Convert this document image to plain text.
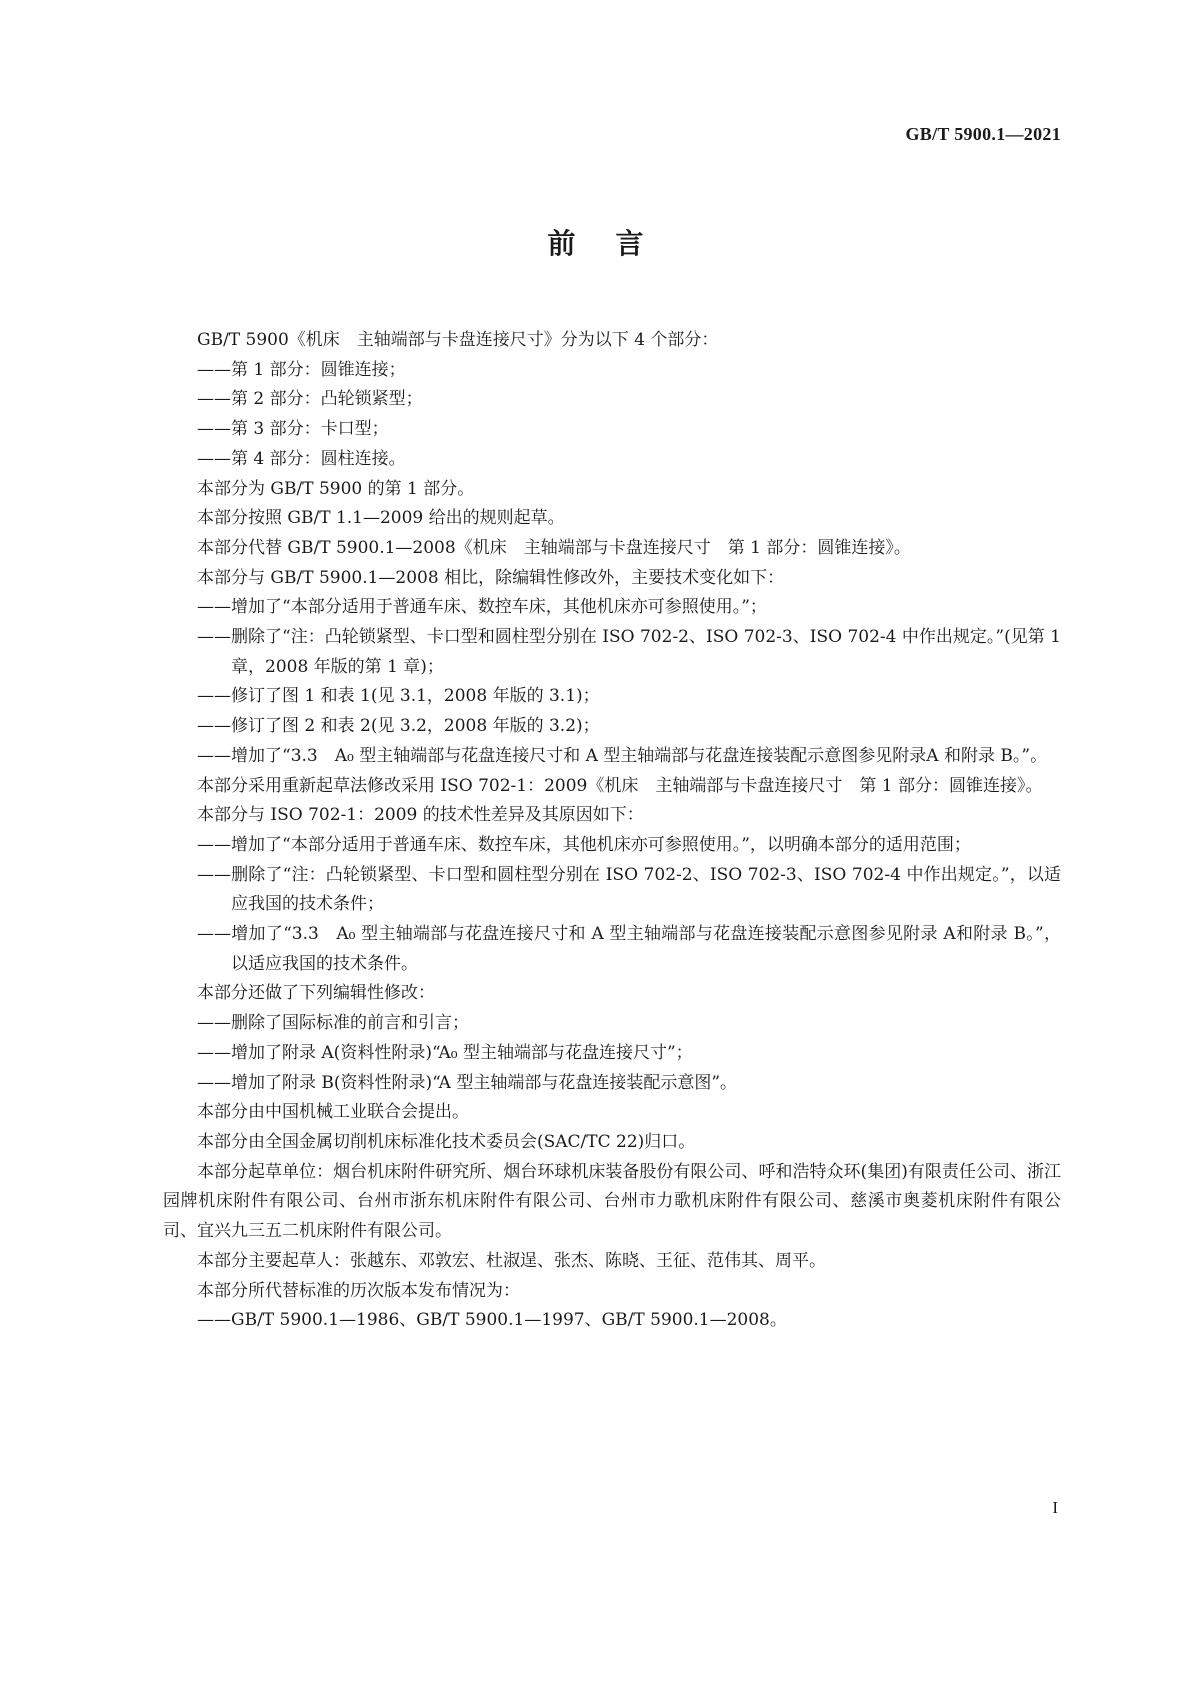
GB/T 5900.1—2021
前言

GB/T 5900《机床　主轴端部与卡盘连接尺寸》分为以下 4 个部分：

——第 1 部分：圆锥连接；

——第 2 部分：凸轮锁紧型；

——第 3 部分：卡口型；

——第 4 部分：圆柱连接。

本部分为 GB/T 5900 的第 1 部分。

本部分按照 GB/T 1.1—2009 给出的规则起草。

本部分代替 GB/T 5900.1—2008《机床　主轴端部与卡盘连接尺寸　第 1 部分：圆锥连接》。

本部分与 GB/T 5900.1—2008 相比，除编辑性修改外，主要技术变化如下：

——增加了“本部分适用于普通车床、数控车床，其他机床亦可参照使用。”；

——删除了“注：凸轮锁紧型、卡口型和圆柱型分别在 ISO 702-2、ISO 702-3、ISO 702-4 中作出规定。”(见第 1 章，2008 年版的第 1 章)；

——修订了图 1 和表 1(见 3.1，2008 年版的 3.1)；

——修订了图 2 和表 2(见 3.2，2008 年版的 3.2)；

——增加了“3.3　A₀ 型主轴端部与花盘连接尺寸和 A 型主轴端部与花盘连接装配示意图参见附录A 和附录 B。”。

本部分采用重新起草法修改采用 ISO 702-1：2009《机床　主轴端部与卡盘连接尺寸　第 1 部分：圆锥连接》。

本部分与 ISO 702-1：2009 的技术性差异及其原因如下：

——增加了“本部分适用于普通车床、数控车床，其他机床亦可参照使用。”，以明确本部分的适用范围；

——删除了“注：凸轮锁紧型、卡口型和圆柱型分别在 ISO 702-2、ISO 702-3、ISO 702-4 中作出规定。”，以适应我国的技术条件；

——增加了“3.3　A₀ 型主轴端部与花盘连接尺寸和 A 型主轴端部与花盘连接装配示意图参见附录 A和附录 B。”，以适应我国的技术条件。

本部分还做了下列编辑性修改：

——删除了国际标准的前言和引言；

——增加了附录 A(资料性附录)“A₀ 型主轴端部与花盘连接尺寸”；

——增加了附录 B(资料性附录)“A 型主轴端部与花盘连接装配示意图”。

本部分由中国机械工业联合会提出。

本部分由全国金属切削机床标准化技术委员会(SAC/TC 22)归口。

本部分起草单位：烟台机床附件研究所、烟台环球机床装备股份有限公司、呼和浩特众环(集团)有限责任公司、浙江园牌机床附件有限公司、台州市浙东机床附件有限公司、台州市力歌机床附件有限公司、慈溪市奥菱机床附件有限公司、宜兴九三五二机床附件有限公司。

本部分主要起草人：张越东、邓敦宏、杜淑逞、张杰、陈晓、王征、范伟其、周平。

本部分所代替标准的历次版本发布情况为：

——GB/T 5900.1—1986、GB/T 5900.1—1997、GB/T 5900.1—2008。

I
